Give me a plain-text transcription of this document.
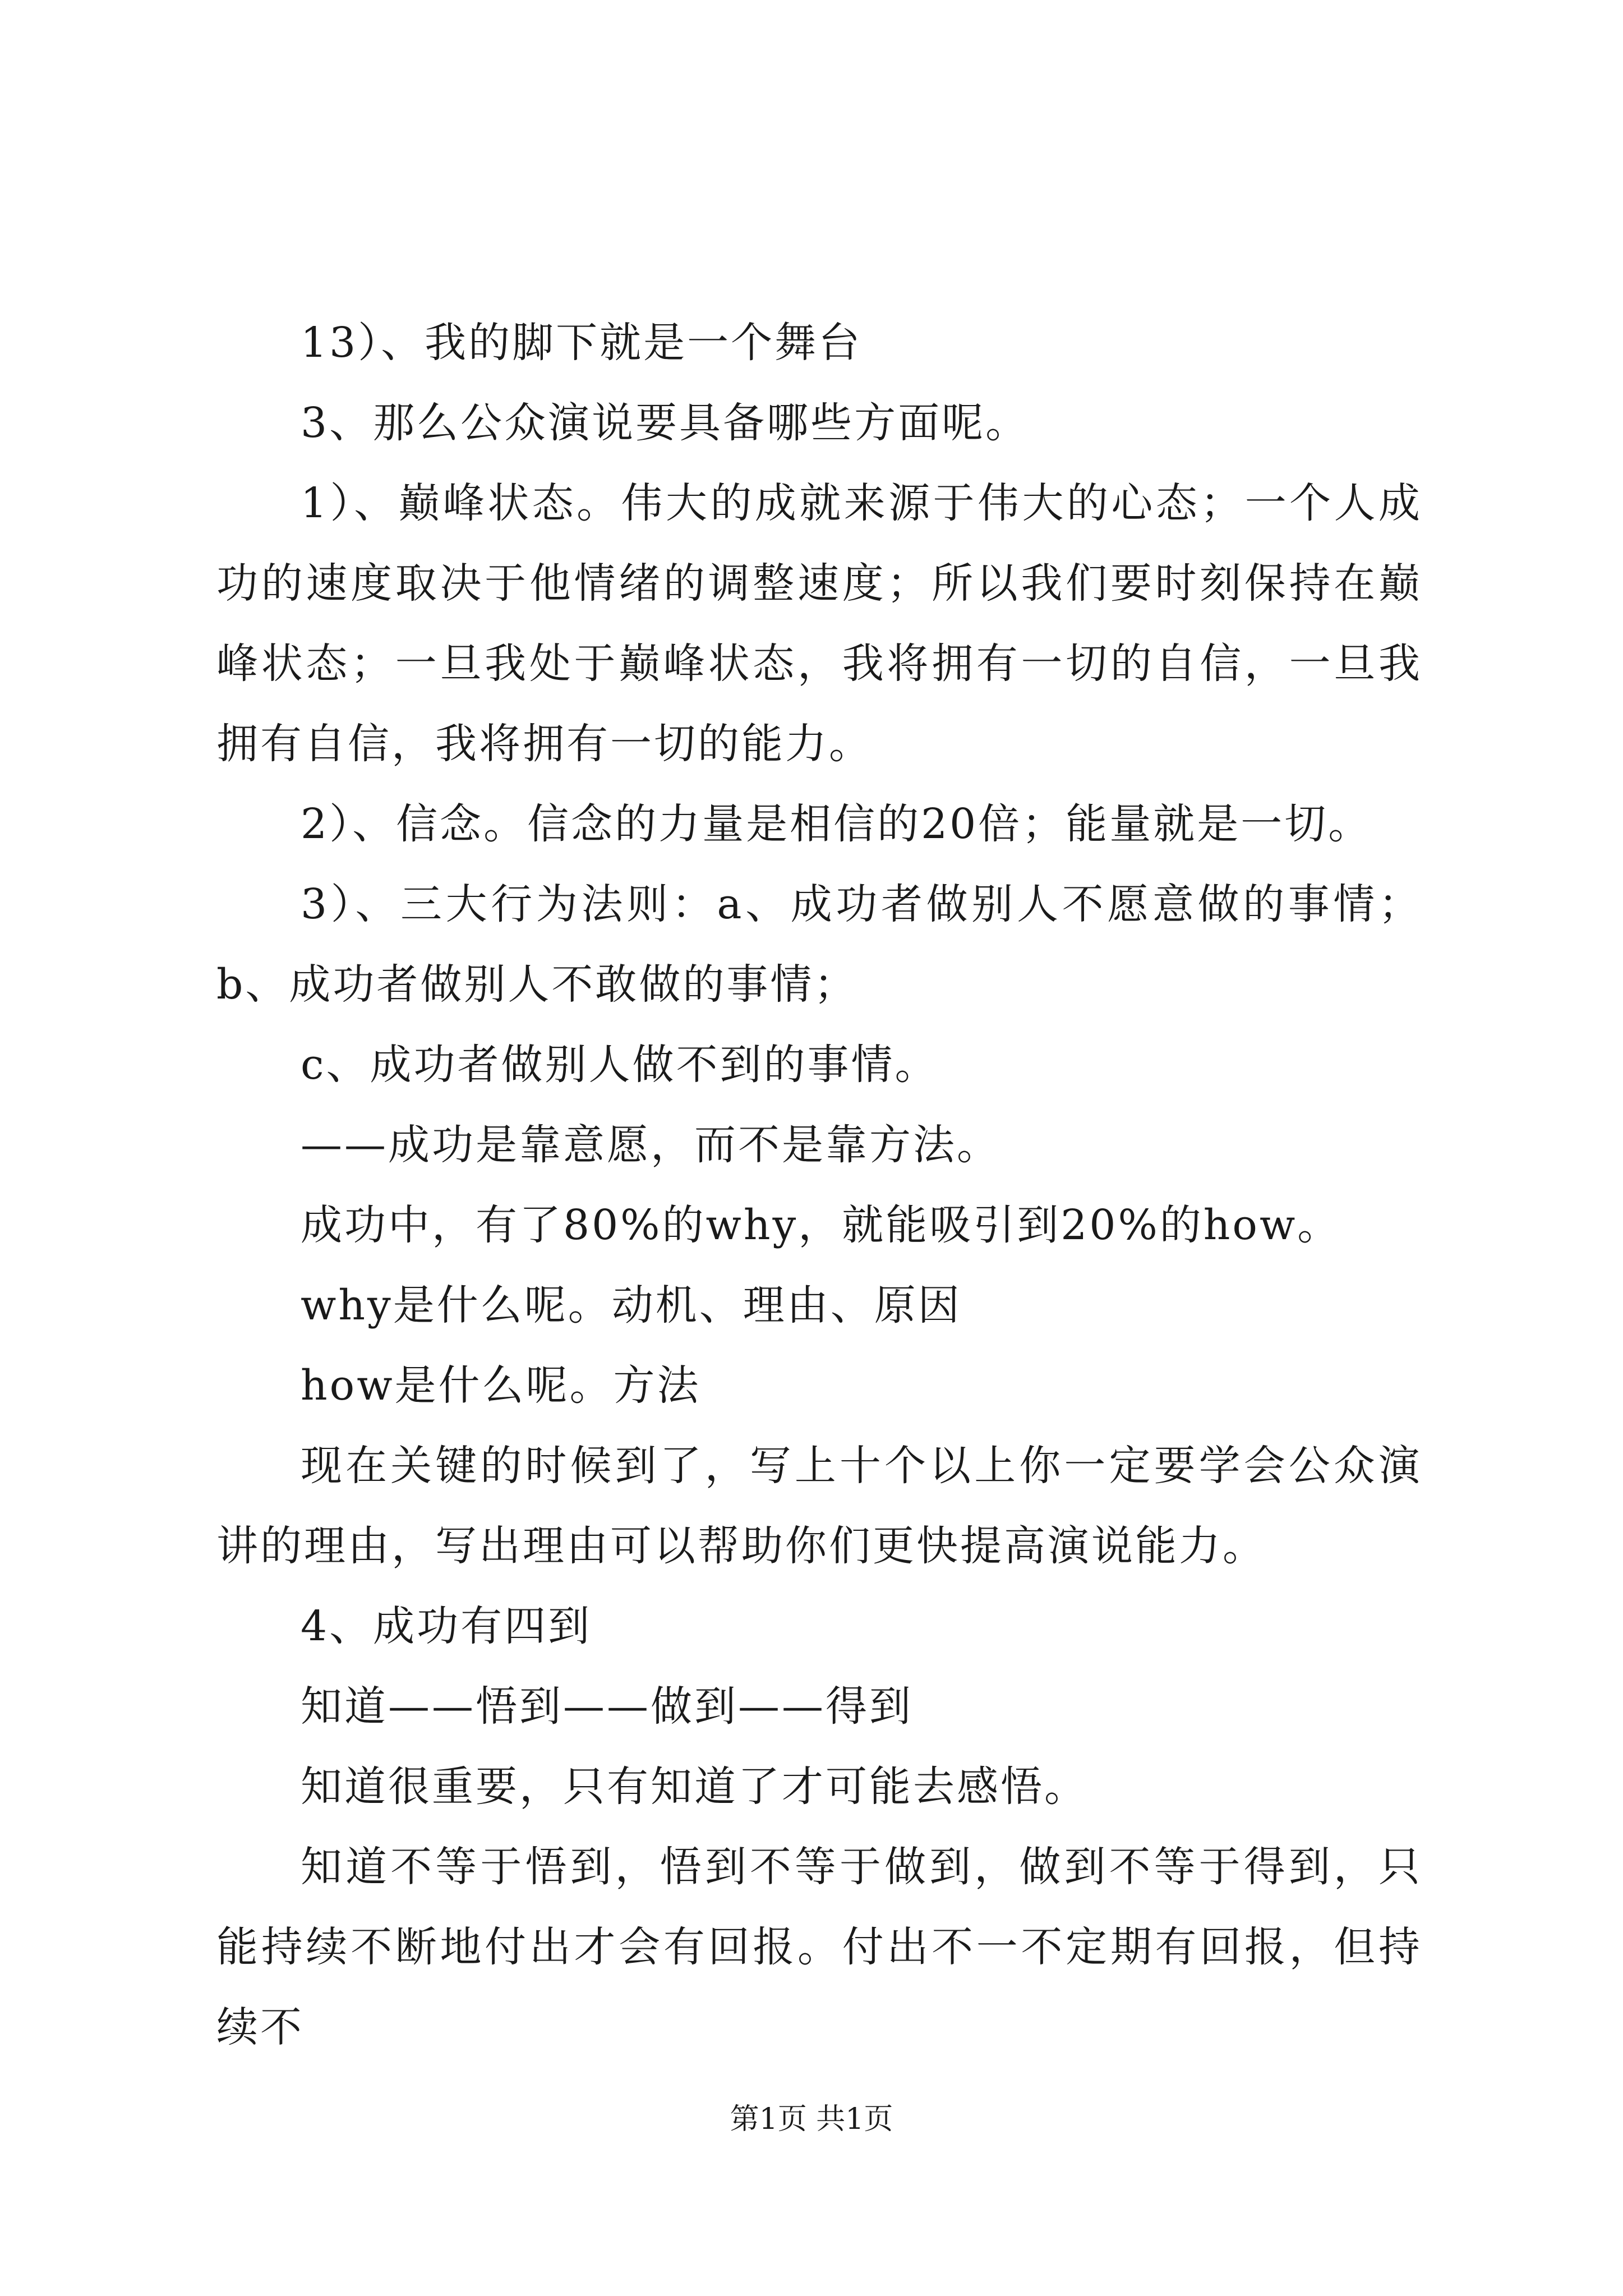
13）、我的脚下就是一个舞台

3、那么公众演说要具备哪些方面呢。

1）、巅峰状态。伟大的成就来源于伟大的心态；一个人成功的速度取决于他情绪的调整速度；所以我们要时刻保持在巅峰状态；一旦我处于巅峰状态，我将拥有一切的自信，一旦我拥有自信，我将拥有一切的能力。

2）、信念。信念的力量是相信的20倍；能量就是一切。

3）、三大行为法则：a、成功者做别人不愿意做的事情；b、成功者做别人不敢做的事情；

c、成功者做别人做不到的事情。

——成功是靠意愿，而不是靠方法。

成功中，有了80%的why，就能吸引到20%的how。

why是什么呢。动机、理由、原因

how是什么呢。方法

现在关键的时候到了，写上十个以上你一定要学会公众演讲的理由，写出理由可以帮助你们更快提高演说能力。

4、成功有四到

知道——悟到——做到——得到

知道很重要，只有知道了才可能去感悟。

知道不等于悟到，悟到不等于做到，做到不等于得到，只能持续不断地付出才会有回报。付出不一不定期有回报，但持续不

第1页 共1页
